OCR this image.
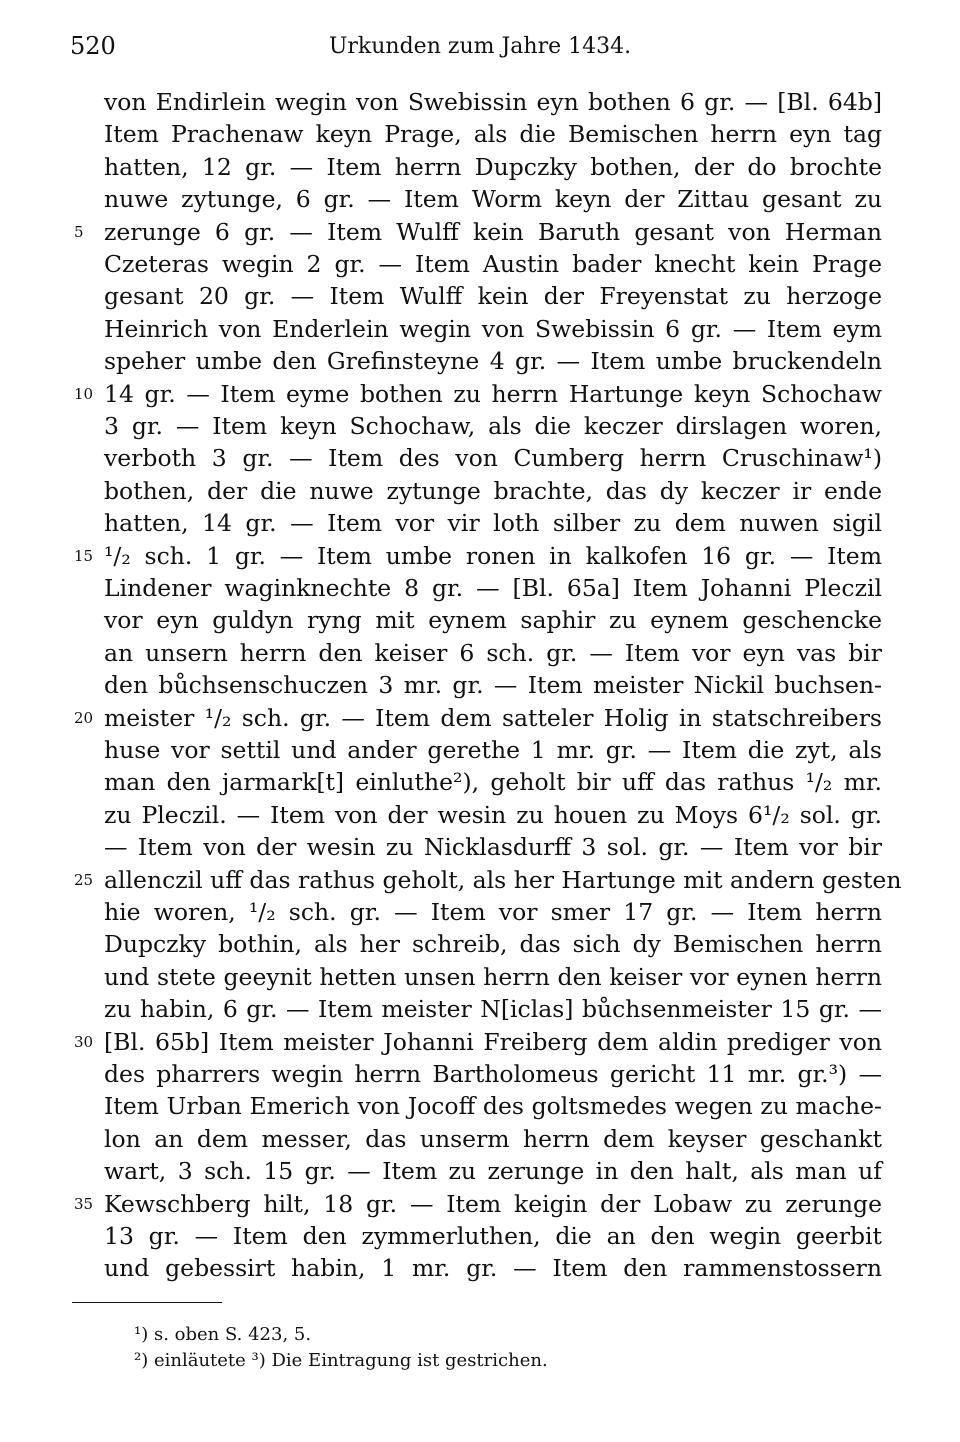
520	Urkunden zum Jahre 1434.
von Endirlein wegin von Swebissin eyn bothen 6 gr. — [Bl. 64b]
Item Prachenaw keyn Prage, als die Bemischen herrn eyn tag
hatten, 12 gr. — Item herrn Dupczky bothen, der do brochte
nuwe zytunge, 6 gr. — Item Worm keyn der Zittau gesant zu
5 zerunge 6 gr. — Item Wulff kein Baruth gesant von Herman
Czeteras wegin 2 gr. — Item Austin bader knecht kein Prage
gesant 20 gr. — Item Wulff kein der Freyenstat zu herzoge
Heinrich von Enderlein wegin von Swebissin 6 gr. — Item eym
speher umbe den Grefinsteyne 4 gr. — Item umbe bruckendeln
10 14 gr. — Item eyme bothen zu herrn Hartunge keyn Schochaw
3 gr. — Item keyn Schochaw, als die keczer dirslagen woren,
verboth 3 gr. — Item des von Cumberg herrn Cruschinaw¹)
bothen, der die nuwe zytunge brachte, das dy keczer ir ende
hatten, 14 gr. — Item vor vir loth silber zu dem nuwen sigil
15 ¹/₂ sch. 1 gr. — Item umbe ronen in kalkofen 16 gr. — Item
Lindener waginknechte 8 gr. — [Bl. 65a] Item Johanni Pleczil
vor eyn guldyn ryng mit eynem saphir zu eynem geschencke
an unsern herrn den keiser 6 sch. gr. — Item vor eyn vas bir
den bůchsenschuczen 3 mr. gr. — Item meister Nickil buchsen-
20 meister ¹/₂ sch. gr. — Item dem satteler Holig in statschreibers
huse vor settil und ander gerethe 1 mr. gr. — Item die zyt, als
man den jarmark[t] einluthe²), geholt bir uff das rathus ¹/₂ mr.
zu Pleczil. — Item von der wesin zu houen zu Moys 6¹/₂ sol. gr.
— Item von der wesin zu Nicklasdurff 3 sol. gr. — Item vor bir
25 allenczil uff das rathus geholt, als her Hartunge mit andern gesten
hie woren, ¹/₂ sch. gr. — Item vor smer 17 gr. — Item herrn
Dupczky bothin, als her schreib, das sich dy Bemischen herrn
und stete geeynit hetten unsen herrn den keiser vor eynen herrn
zu habin, 6 gr. — Item meister N[iclas] bůchsenmeister 15 gr. —
30 [Bl. 65b] Item meister Johanni Freiberg dem aldin prediger von
des pharrers wegin herrn Bartholomeus gericht 11 mr. gr.³) —
Item Urban Emerich von Jocoff des goltsmedes wegen zu mache-
lon an dem messer, das unserm herrn dem keyser geschankt
wart, 3 sch. 15 gr. — Item zu zerunge in den halt, als man uf
35 Kewschberg hilt, 18 gr. — Item keigin der Lobaw zu zerunge
13 gr. — Item den zymmerluthen, die an den wegin geerbit
und gebessirt habin, 1 mr. gr. — Item den rammenstossern
¹) s. oben S. 423, 5.
²) einläutete ³) Die Eintragung ist gestrichen.
